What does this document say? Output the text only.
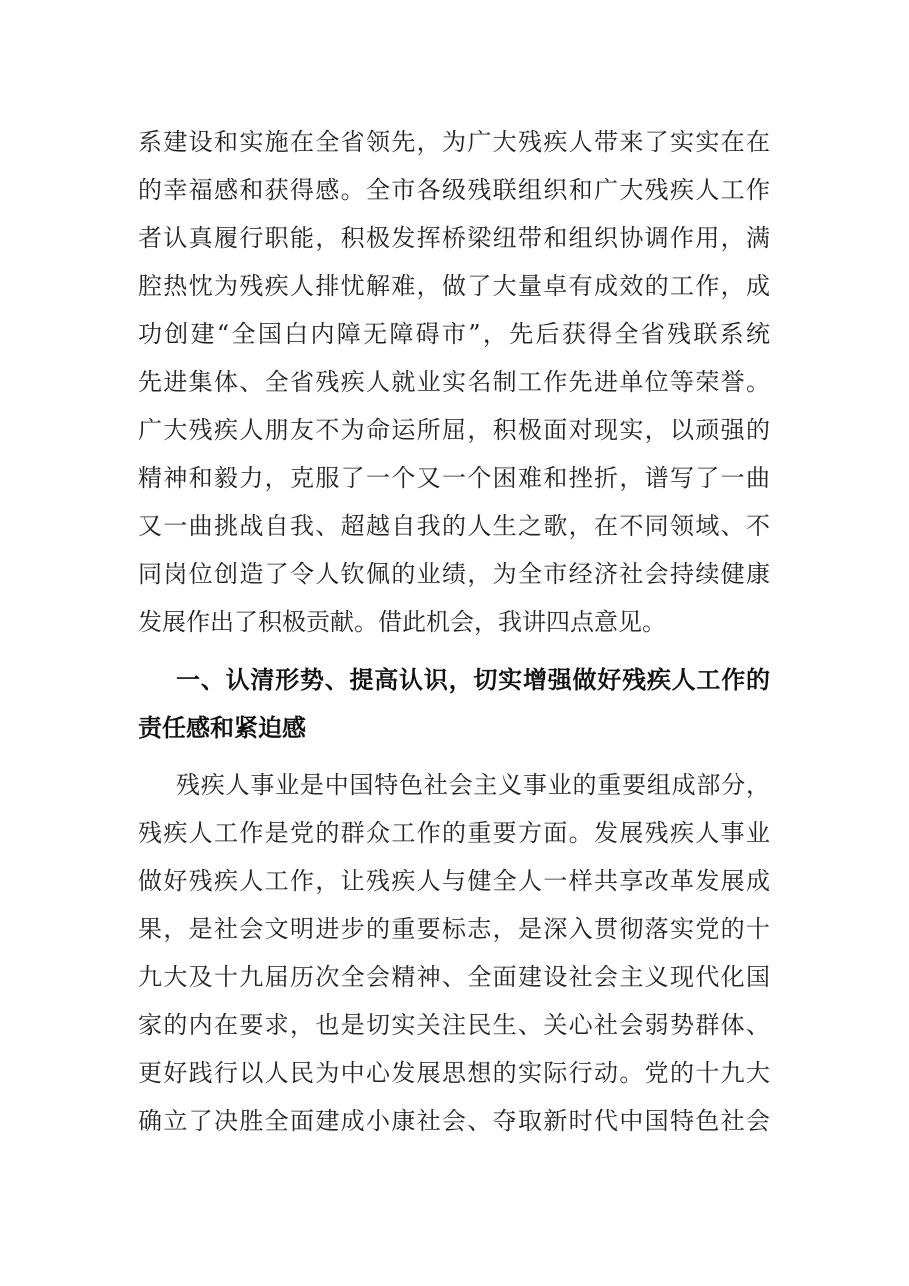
系建设和实施在全省领先，为广大残疾人带来了实实在在
的幸福感和获得感。全市各级残联组织和广大残疾人工作
者认真履行职能，积极发挥桥梁纽带和组织协调作用，满
腔热忱为残疾人排忧解难，做了大量卓有成效的工作，成
功创建“全国白内障无障碍市”，先后获得全省残联系统
先进集体、全省残疾人就业实名制工作先进单位等荣誉。
广大残疾人朋友不为命运所屈，积极面对现实，以顽强的
精神和毅力，克服了一个又一个困难和挫折，谱写了一曲
又一曲挑战自我、超越自我的人生之歌，在不同领域、不
同岗位创造了令人钦佩的业绩，为全市经济社会持续健康
发展作出了积极贡献。借此机会，我讲四点意见。
一、认清形势、提高认识，切实增强做好残疾人工作的
责任感和紧迫感
残疾人事业是中国特色社会主义事业的重要组成部分，
残疾人工作是党的群众工作的重要方面。发展残疾人事业
做好残疾人工作，让残疾人与健全人一样共享改革发展成
果，是社会文明进步的重要标志，是深入贯彻落实党的十
九大及十九届历次全会精神、全面建设社会主义现代化国
家的内在要求，也是切实关注民生、关心社会弱势群体、
更好践行以人民为中心发展思想的实际行动。党的十九大
确立了决胜全面建成小康社会、夺取新时代中国特色社会
